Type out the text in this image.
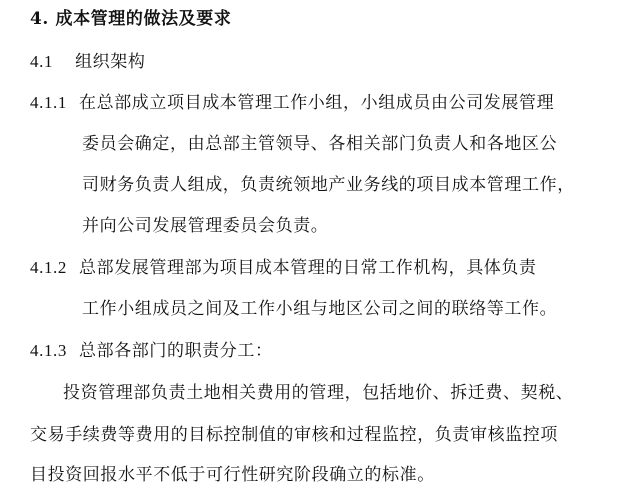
4. 成本管理的做法及要求
4.1 组织架构
4.1.1 在总部成立项目成本管理工作小组，小组成员由公司发展管理
委员会确定，由总部主管领导、各相关部门负责人和各地区公
司财务负责人组成，负责统领地产业务线的项目成本管理工作，
并向公司发展管理委员会负责。
4.1.2 总部发展管理部为项目成本管理的日常工作机构，具体负责
工作小组成员之间及工作小组与地区公司之间的联络等工作。
4.1.3 总部各部门的职责分工：
投资管理部负责土地相关费用的管理，包括地价、拆迁费、契税、
交易手续费等费用的目标控制值的审核和过程监控，负责审核监控项
目投资回报水平不低于可行性研究阶段确立的标准。
